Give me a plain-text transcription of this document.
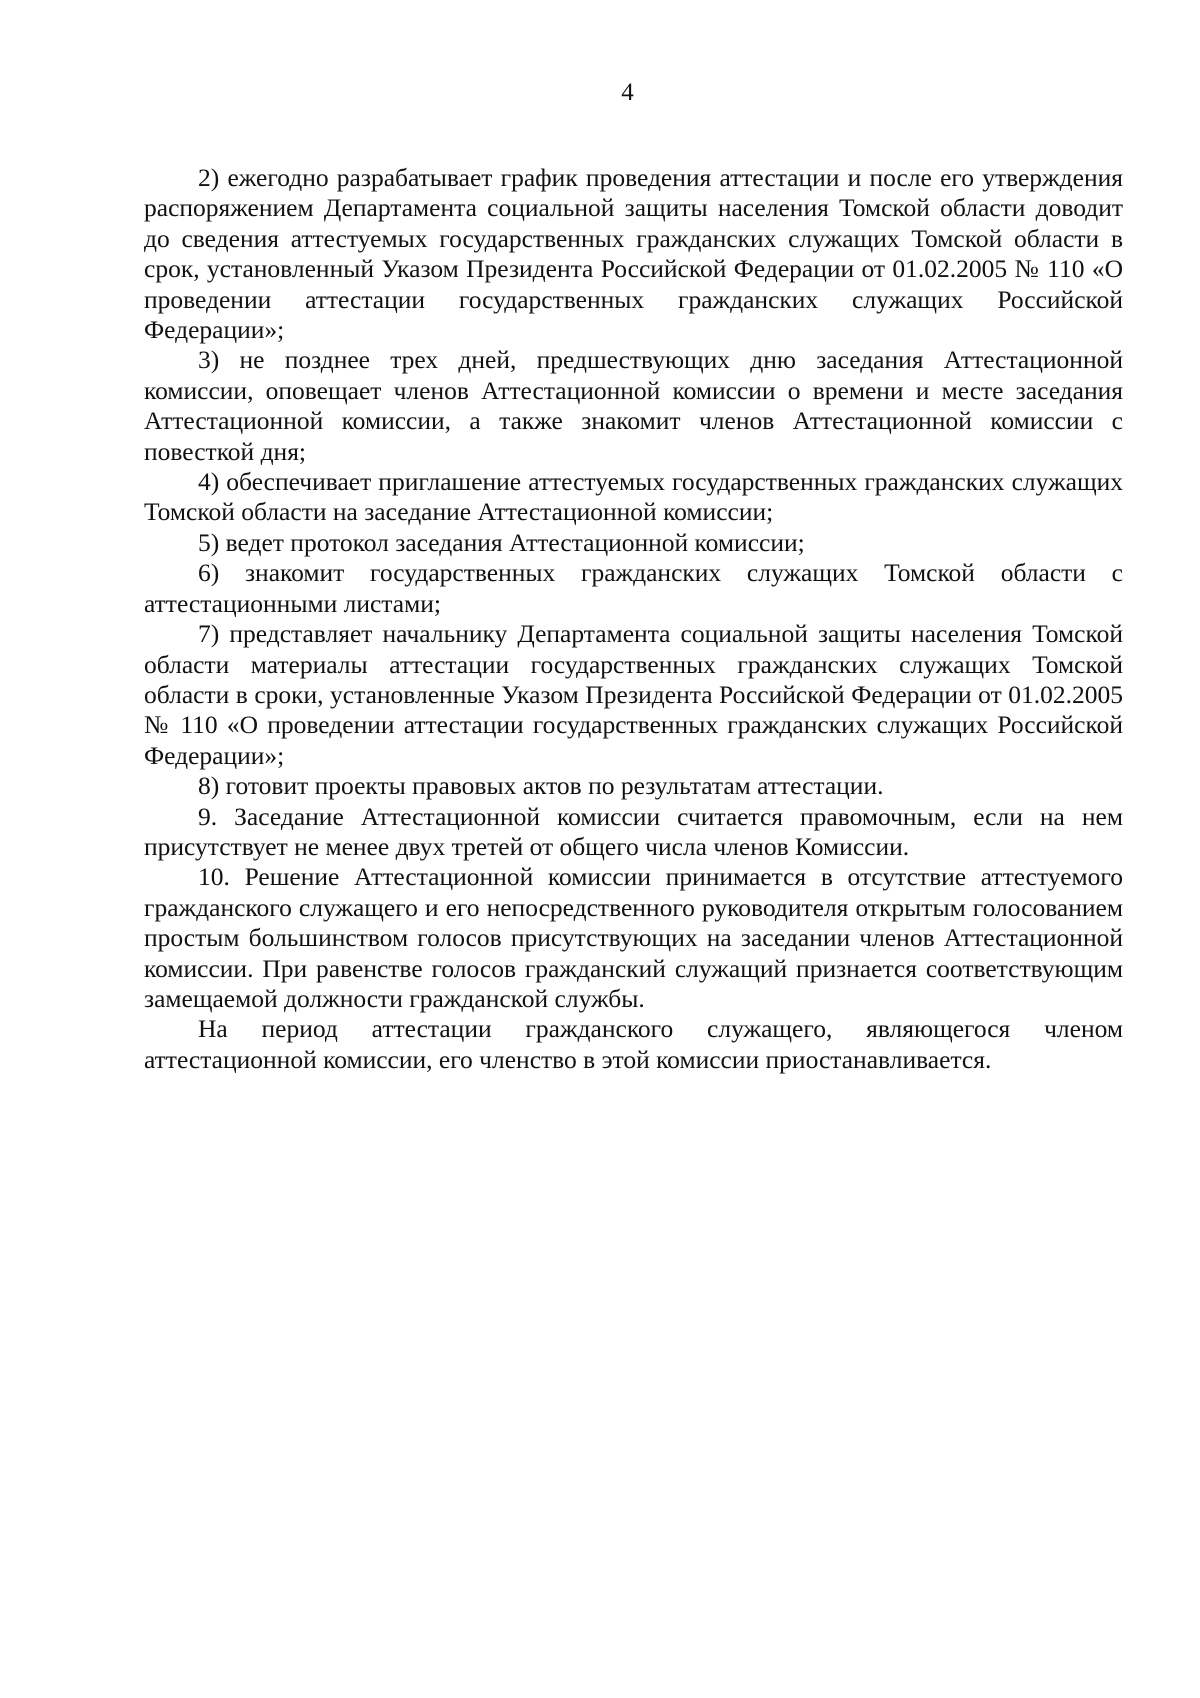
4

2) ежегодно разрабатывает график проведения аттестации и после его утверждения распоряжением Департамента социальной защиты населения Томской области доводит до сведения аттестуемых государственных гражданских служащих Томской области в срок, установленный Указом Президента Российской Федерации от 01.02.2005 № 110 «О проведении аттестации государственных гражданских служащих Российской Федерации»;

3) не позднее трех дней, предшествующих дню заседания Аттестационной комиссии, оповещает членов Аттестационной комиссии о времени и месте заседания Аттестационной комиссии, а также знакомит членов Аттестационной комиссии с повесткой дня;

4) обеспечивает приглашение аттестуемых государственных гражданских служащих Томской области на заседание Аттестационной комиссии;

5) ведет протокол заседания Аттестационной комиссии;

6) знакомит государственных гражданских служащих Томской области с аттестационными листами;

7) представляет начальнику Департамента социальной защиты населения Томской области материалы аттестации государственных гражданских служащих Томской области в сроки, установленные Указом Президента Российской Федерации от 01.02.2005 № 110 «О проведении аттестации государственных гражданских служащих Российской Федерации»;

8) готовит проекты правовых актов по результатам аттестации.

9. Заседание Аттестационной комиссии считается правомочным, если на нем присутствует не менее двух третей от общего числа членов Комиссии.

10. Решение Аттестационной комиссии принимается в отсутствие аттестуемого гражданского служащего и его непосредственного руководителя открытым голосованием простым большинством голосов присутствующих на заседании членов Аттестационной комиссии. При равенстве голосов гражданский служащий признается соответствующим замещаемой должности гражданской службы.

На период аттестации гражданского служащего, являющегося членом аттестационной комиссии, его членство в этой комиссии приостанавливается.
